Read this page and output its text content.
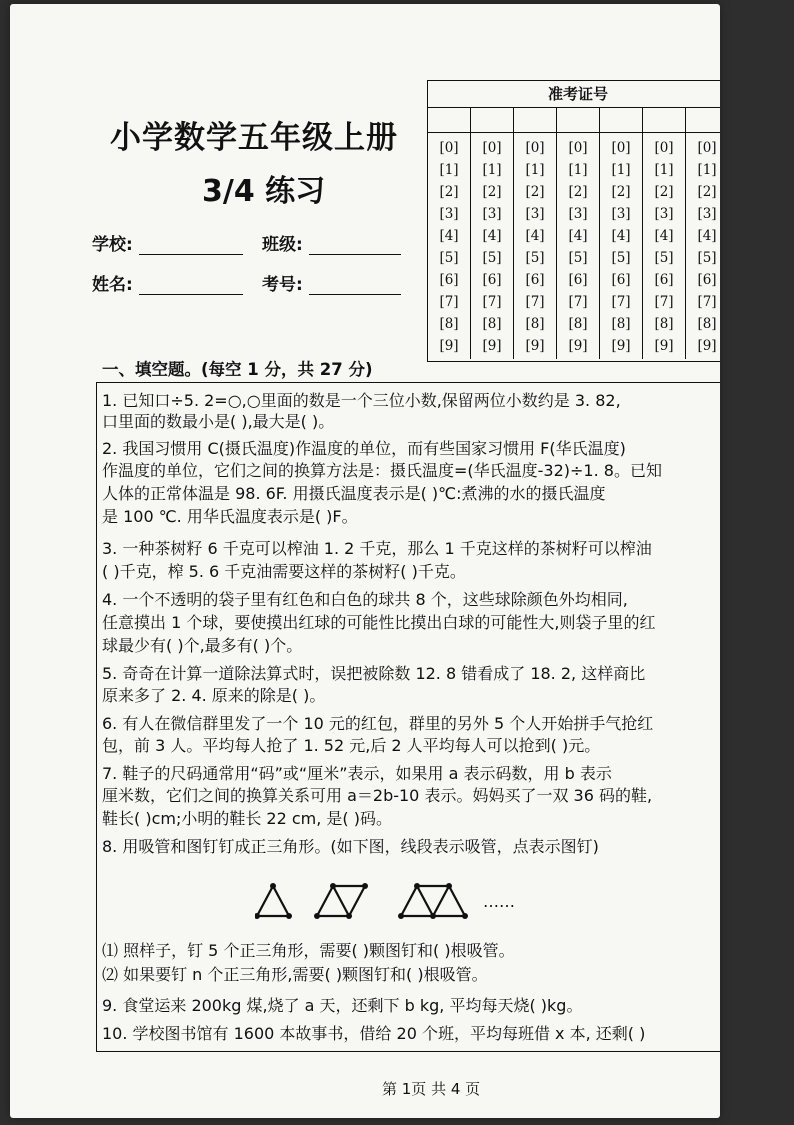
小学数学五年级上册
3/4 练习
学校:	班级:
姓名:	考号:
准考证号
[0]
[1]
[2]
[3]
[4]
[5]
[6]
[7]
[8]
[9]
[0]
[1]
[2]
[3]
[4]
[5]
[6]
[7]
[8]
[9]
[0]
[1]
[2]
[3]
[4]
[5]
[6]
[7]
[8]
[9]
[0]
[1]
[2]
[3]
[4]
[5]
[6]
[7]
[8]
[9]
[0]
[1]
[2]
[3]
[4]
[5]
[6]
[7]
[8]
[9]
[0]
[1]
[2]
[3]
[4]
[5]
[6]
[7]
[8]
[9]
[0]
[1]
[2]
[3]
[4]
[5]
[6]
[7]
[8]
[9]
一、填空题。(每空 1 分，共 27 分)
1. 已知口÷5. 2=○,○里面的数是一个三位小数,保留两位小数约是 3. 82,
口里面的数最小是( ),最大是( )。
2. 我国习惯用 C(摄氏温度)作温度的单位，而有些国家习惯用 F(华氏温度)
作温度的单位，它们之间的换算方法是：摄氏温度=(华氏温度-32)÷1. 8。已知
人体的正常体温是 98. 6F. 用摄氏温度表示是( )℃:煮沸的水的摄氏温度
是 100 ℃. 用华氏温度表示是( )F。
3. 一种茶树籽 6 千克可以榨油 1. 2 千克，那么 1 千克这样的茶树籽可以榨油
( )千克，榨 5. 6 千克油需要这样的茶树籽( )千克。
4. 一个不透明的袋子里有红色和白色的球共 8 个，这些球除颜色外均相同,
任意摸出 1 个球，要使摸出红球的可能性比摸出白球的可能性大,则袋子里的红
球最少有( )个,最多有( )个。
5. 奇奇在计算一道除法算式时，误把被除数 12. 8 错看成了 18. 2, 这样商比
原来多了 2. 4. 原来的除是( )。
6. 有人在微信群里发了一个 10 元的红包，群里的另外 5 个人开始拼手气抢红
包，前 3 人。平均每人抢了 1. 52 元,后 2 人平均每人可以抢到( )元。
7. 鞋子的尺码通常用“码”或“厘米”表示，如果用 a 表示码数，用 b 表示
厘米数，它们之间的换算关系可用 a＝2b-10 表示。妈妈买了一双 36 码的鞋,
鞋长( )cm;小明的鞋长 22 cm, 是( )码。
8. 用吸管和图钉钉成正三角形。(如下图，线段表示吸管，点表示图钉)
……
⑴ 照样子，钉 5 个正三角形，需要( )颗图钉和( )根吸管。
⑵ 如果要钉 n 个正三角形,需要( )颗图钉和( )根吸管。
9. 食堂运来 200kg 煤,烧了 a 天，还剩下 b kg, 平均每天烧( )kg。
10. 学校图书馆有 1600 本故事书，借给 20 个班，平均每班借 x 本, 还剩( )
第 1页 共 4 页
